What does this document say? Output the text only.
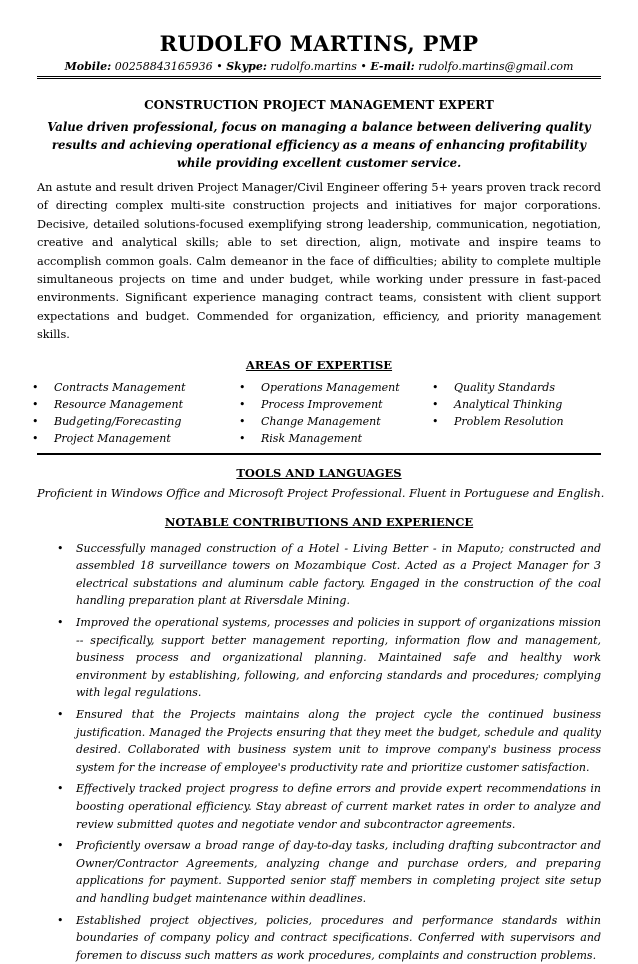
RUDOLFO MARTINS, PMP
Mobile: 00258843165936 • Skype: rudolfo.martins • E-mail: rudolfo.martins@gmail.com
CONSTRUCTION PROJECT MANAGEMENT EXPERT
Value driven professional, focus on managing a balance between delivering quality results and achieving operational efficiency as a means of enhancing profitability while providing excellent customer service.
An astute and result driven Project Manager/Civil Engineer offering 5+ years proven track record of directing complex multi-site construction projects and initiatives for major corporations. Decisive, detailed solutions-focused exemplifying strong leadership, communication, negotiation, creative and analytical skills; able to set direction, align, motivate and inspire teams to accomplish common goals. Calm demeanor in the face of difficulties; ability to complete multiple simultaneous projects on time and under budget, while working under pressure in fast-paced environments. Significant experience managing contract teams, consistent with client support expectations and budget. Commended for organization, efficiency, and priority management skills.
AREAS OF EXPERTISE
• Contracts Management
• Resource Management
• Budgeting/Forecasting
• Project Management
• Operations Management
• Process Improvement
• Change Management
• Risk Management
• Quality Standards
• Analytical Thinking
• Problem Resolution
TOOLS AND LANGUAGES
Proficient in Windows Office and Microsoft Project Professional. Fluent in Portuguese and English.
NOTABLE CONTRIBUTIONS AND EXPERIENCE
• Successfully managed construction of a Hotel - Living Better - in Maputo; constructed and assembled 18 surveillance towers on Mozambique Cost. Acted as a Project Manager for 3 electrical substations and aluminum cable factory. Engaged in the construction of the coal handling preparation plant at Riversdale Mining.
• Improved the operational systems, processes and policies in support of organizations mission -- specifically, support better management reporting, information flow and management, business process and organizational planning. Maintained safe and healthy work environment by establishing, following, and enforcing standards and procedures; complying with legal regulations.
• Ensured that the Projects maintains along the project cycle the continued business justification. Managed the Projects ensuring that they meet the budget, schedule and quality desired. Collaborated with business system unit to improve company's business process system for the increase of employee's productivity rate and prioritize customer satisfaction.
• Effectively tracked project progress to define errors and provide expert recommendations in boosting operational efficiency. Stay abreast of current market rates in order to analyze and review submitted quotes and negotiate vendor and subcontractor agreements.
• Proficiently oversaw a broad range of day-to-day tasks, including drafting subcontractor and Owner/Contractor Agreements, analyzing change and purchase orders, and preparing applications for payment. Supported senior staff members in completing project site setup and handling budget maintenance within deadlines.
• Established project objectives, policies, procedures and performance standards within boundaries of company policy and contract specifications. Conferred with supervisors and foremen to discuss such matters as work procedures, complaints and construction problems.
